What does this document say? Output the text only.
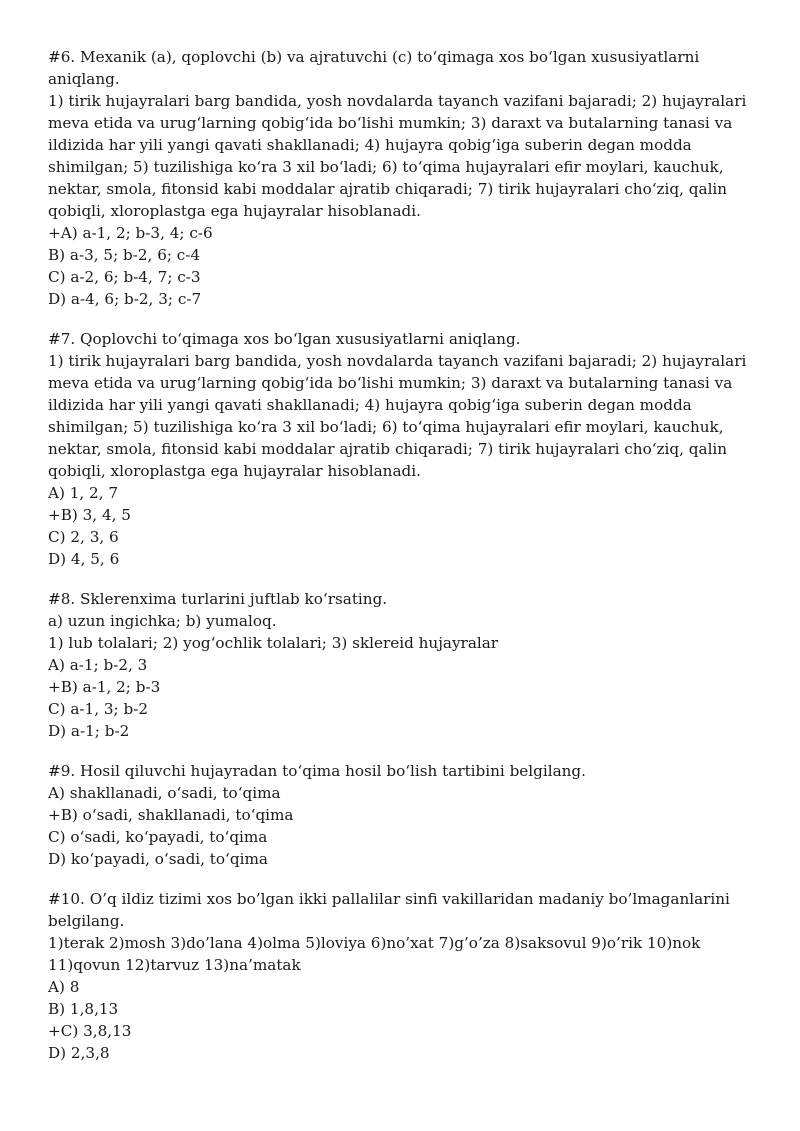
#6. Mexanik (a), qoplovchi (b) va ajratuvchi (c) to‘qimaga xos bo‘lgan xususiyatlarni
aniqlang.
1) tirik hujayralari barg bandida, yosh novdalarda tayanch vazifani bajaradi; 2) hujayralari
meva etida va urug‘larning qobig‘ida bo‘lishi mumkin; 3) daraxt va butalarning tanasi va
ildizida har yili yangi qavati shakllanadi; 4) hujayra qobig‘iga suberin degan modda
shimilgan; 5) tuzilishiga ko‘ra 3 xil bo‘ladi; 6) to‘qima hujayralari efir moylari, kauchuk,
nektar, smola, fitonsid kabi moddalar ajratib chiqaradi; 7) tirik hujayralari cho‘ziq, qalin
qobiqli, xloroplastga ega hujayralar hisoblanadi.
+A) a-1, 2; b-3, 4; c-6
B) a-3, 5; b-2, 6; c-4
C) a-2, 6; b-4, 7; c-3
D) a-4, 6; b-2, 3; c-7
#7. Qoplovchi to‘qimaga xos bo‘lgan xususiyatlarni aniqlang.
1) tirik hujayralari barg bandida, yosh novdalarda tayanch vazifani bajaradi; 2) hujayralari
meva etida va urug‘larning qobig‘ida bo‘lishi mumkin; 3) daraxt va butalarning tanasi va
ildizida har yili yangi qavati shakllanadi; 4) hujayra qobig‘iga suberin degan modda
shimilgan; 5) tuzilishiga ko‘ra 3 xil bo‘ladi; 6) to‘qima hujayralari efir moylari, kauchuk,
nektar, smola, fitonsid kabi moddalar ajratib chiqaradi; 7) tirik hujayralari cho‘ziq, qalin
qobiqli, xloroplastga ega hujayralar hisoblanadi.
A) 1, 2, 7
+B) 3, 4, 5
C) 2, 3, 6
D) 4, 5, 6
#8. Sklerenxima turlarini juftlab ko‘rsating.
a) uzun ingichka; b) yumaloq.
1) lub tolalari; 2) yog‘ochlik tolalari; 3) sklereid hujayralar
A) a-1; b-2, 3
+B) a-1, 2; b-3
C) a-1, 3; b-2
D) a-1; b-2
#9. Hosil qiluvchi hujayradan to‘qima hosil bo‘lish tartibini belgilang.
A) shakllanadi, o‘sadi, to‘qima
+B) o‘sadi, shakllanadi, to‘qima
C) o‘sadi, ko‘payadi, to‘qima
D) ko‘payadi, o‘sadi, to‘qima
#10. O’q ildiz tizimi xos bo’lgan ikki pallalilar sinfi vakillaridan madaniy bo’lmaganlarini
belgilang.
1)terak 2)mosh 3)do’lana 4)olma 5)loviya 6)no’xat 7)g’o’za 8)saksovul 9)o’rik 10)nok
11)qovun 12)tarvuz 13)na’matak
A) 8
B) 1,8,13
+C) 3,8,13
D) 2,3,8
